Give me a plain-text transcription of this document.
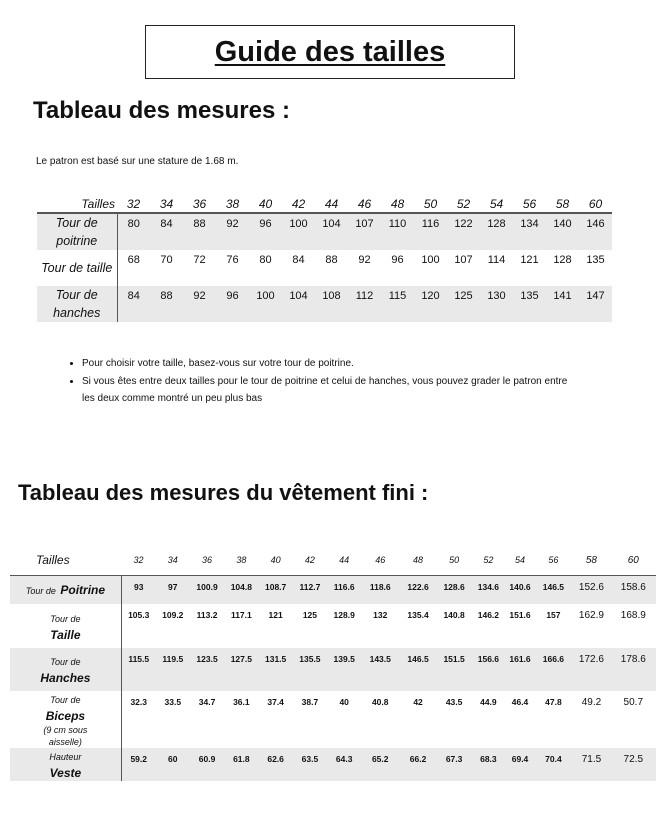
Guide des tailles
Tableau des mesures :
Le patron est basé sur une stature de 1.68 m.
Tailles	32	34	36	38	40	42	44	46	48	50	52	54	56	58	60
Tour de poitrine	80	84	88	92	96	100	104	107	110	116	122	128	134	140	146
Tour de taille	68	70	72	76	80	84	88	92	96	100	107	114	121	128	135
Tour de hanches	84	88	92	96	100	104	108	112	115	120	125	130	135	141	147
• Pour choisir votre taille, basez-vous sur votre tour de poitrine.
• Si vous êtes entre deux tailles pour le tour de poitrine et celui de hanches, vous pouvez grader le patron entre les deux comme montré un peu plus bas
Tableau des mesures du vêtement fini :
Tailles	32	34	36	38	40	42	44	46	48	50	52	54	56	58	60
Tour de Poitrine	93	97	100.9	104.8	108.7	112.7	116.6	118.6	122.6	128.6	134.6	140.6	146.5	152.6	158.6
Tour de
Taille	105.3	109.2	113.2	117.1	121	125	128.9	132	135.4	140.8	146.2	151.6	157	162.9	168.9
Tour de
Hanches	115.5	119.5	123.5	127.5	131.5	135.5	139.5	143.5	146.5	151.5	156.6	161.6	166.6	172.6	178.6
Tour de
Biceps
(9 cm sous aisselle)	32.3	33.5	34.7	36.1	37.4	38.7	40	40.8	42	43.5	44.9	46.4	47.8	49.2	50.7
Hauteur
Veste	59.2	60	60.9	61.8	62.6	63.5	64.3	65.2	66.2	67.3	68.3	69.4	70.4	71.5	72.5
